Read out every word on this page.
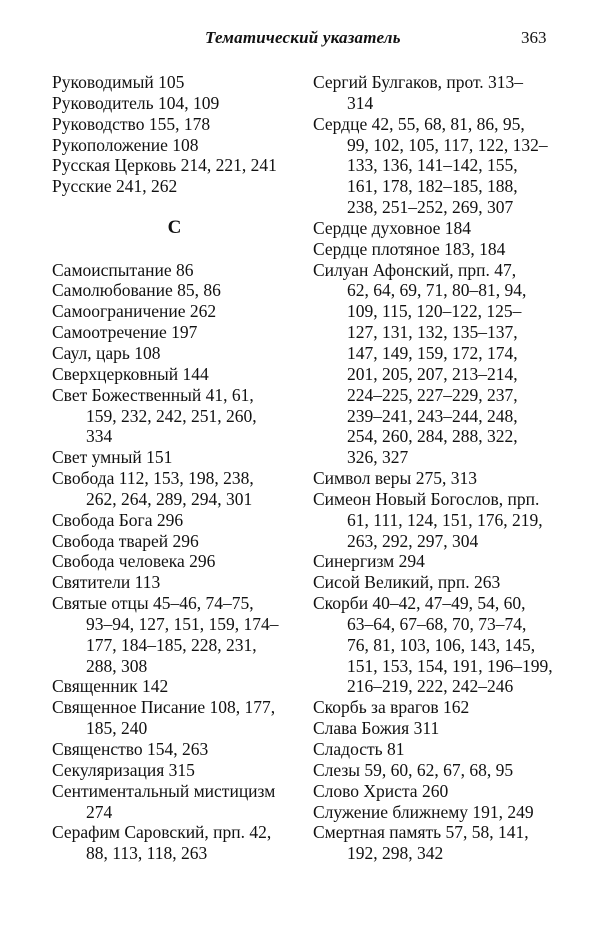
Тематический указатель	363
Руководимый 105
Руководитель 104, 109
Руководство 155, 178
Рукоположение 108
Русская Церковь 214, 221, 241
Русские 241, 262
С
Самоиспытание 86
Самолюбование 85, 86
Самоограничение 262
Самоотречение 197
Саул, царь 108
Сверхцерковный 144
Свет Божественный 41, 61,
159, 232, 242, 251, 260,
334
Свет умный 151
Свобода 112, 153, 198, 238,
262, 264, 289, 294, 301
Свобода Бога 296
Свобода тварей 296
Свобода человека 296
Святители 113
Святые отцы 45–46, 74–75,
93–94, 127, 151, 159, 174–
177, 184–185, 228, 231,
288, 308
Священник 142
Священное Писание 108, 177,
185, 240
Священство 154, 263
Секуляризация 315
Сентиментальный мистицизм
274
Серафим Саровский, прп. 42,
88, 113, 118, 263
Сергий Булгаков, прот. 313–
314
Сердце 42, 55, 68, 81, 86, 95,
99, 102, 105, 117, 122, 132–
133, 136, 141–142, 155,
161, 178, 182–185, 188,
238, 251–252, 269, 307
Сердце духовное 184
Сердце плотяное 183, 184
Силуан Афонский, прп. 47,
62, 64, 69, 71, 80–81, 94,
109, 115, 120–122, 125–
127, 131, 132, 135–137,
147, 149, 159, 172, 174,
201, 205, 207, 213–214,
224–225, 227–229, 237,
239–241, 243–244, 248,
254, 260, 284, 288, 322,
326, 327
Символ веры 275, 313
Симеон Новый Богослов, прп.
61, 111, 124, 151, 176, 219,
263, 292, 297, 304
Синергизм 294
Сисой Великий, прп. 263
Скорби 40–42, 47–49, 54, 60,
63–64, 67–68, 70, 73–74,
76, 81, 103, 106, 143, 145,
151, 153, 154, 191, 196–199,
216–219, 222, 242–246
Скорбь за врагов 162
Слава Божия 311
Сладость 81
Слезы 59, 60, 62, 67, 68, 95
Слово Христа 260
Служение ближнему 191, 249
Смертная память 57, 58, 141,
192, 298, 342
